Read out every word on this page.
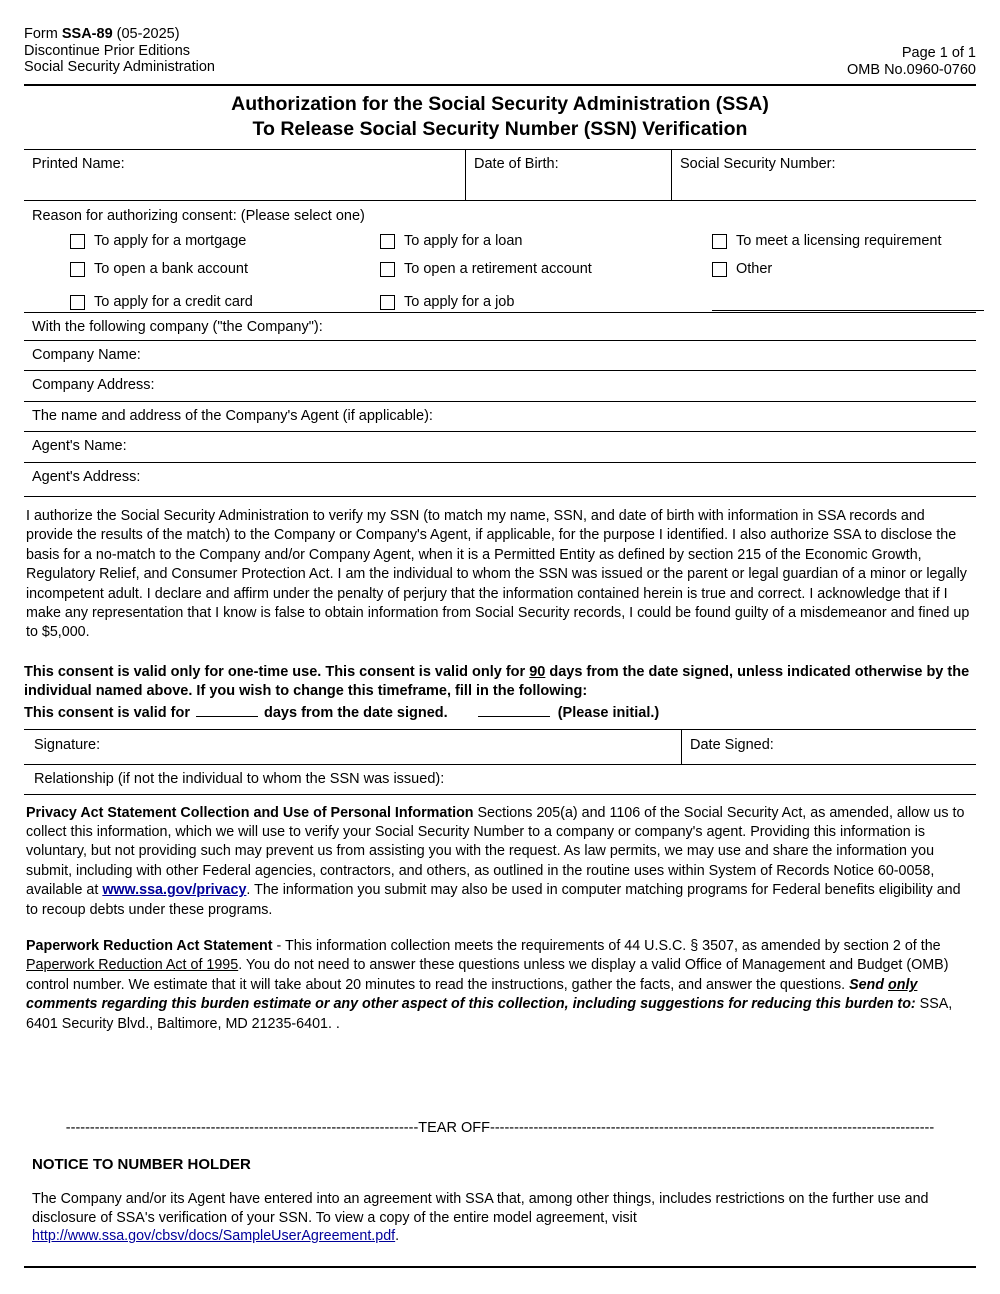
Form SSA-89 (05-2025)
Discontinue Prior Editions
Social Security Administration
Page 1 of 1
OMB No.0960-0760
Authorization for the Social Security Administration (SSA)
To Release Social Security Number (SSN) Verification
Printed Name:	Date of Birth:	Social Security Number:
Reason for authorizing consent: (Please select one)
To apply for a mortgage
To open a bank account
To apply for a credit card
To apply for a loan
To open a retirement account
To apply for a job
To meet a licensing requirement
Other
With the following company ("the Company"):
Company Name:
Company Address:
The name and address of the Company's Agent (if applicable):
Agent's Name:
Agent's Address:
I authorize the Social Security Administration to verify my SSN (to match my name, SSN, and date of birth with information in SSA records and provide the results of the match) to the Company or Company's Agent, if applicable, for the purpose I identified. I also authorize SSA to disclose the basis for a no-match to the Company and/or Company Agent, when it is a Permitted Entity as defined by section 215 of the Economic Growth, Regulatory Relief, and Consumer Protection Act. I am the individual to whom the SSN was issued or the parent or legal guardian of a minor or legally incompetent adult. I declare and affirm under the penalty of perjury that the information contained herein is true and correct. I acknowledge that if I make any representation that I know is false to obtain information from Social Security records, I could be found guilty of a misdemeanor and fined up to $5,000.
This consent is valid only for one-time use. This consent is valid only for 90 days from the date signed, unless indicated otherwise by the individual named above. If you wish to change this timeframe, fill in the following:
This consent is valid for	days from the date signed.	(Please initial.)
Signature:	Date Signed:
Relationship (if not the individual to whom the SSN was issued):
Privacy Act Statement Collection and Use of Personal Information Sections 205(a) and 1106 of the Social Security Act, as amended, allow us to collect this information, which we will use to verify your Social Security Number to a company or company's agent. Providing this information is voluntary, but not providing such may prevent us from assisting you with the request. As law permits, we may use and share the information you submit, including with other Federal agencies, contractors, and others, as outlined in the routine uses within System of Records Notice 60-0058, available at www.ssa.gov/privacy. The information you submit may also be used in computer matching programs for Federal benefits eligibility and to recoup debts under these programs.
Paperwork Reduction Act Statement - This information collection meets the requirements of 44 U.S.C. § 3507, as amended by section 2 of the Paperwork Reduction Act of 1995. You do not need to answer these questions unless we display a valid Office of Management and Budget (OMB) control number. We estimate that it will take about 20 minutes to read the instructions, gather the facts, and answer the questions. Send only comments regarding this burden estimate or any other aspect of this collection, including suggestions for reducing this burden to: SSA, 6401 Security Blvd., Baltimore, MD 21235-6401. .
-------------------------------------------------------------------------TEAR OFF--------------------------------------------------------------------------------------------
NOTICE TO NUMBER HOLDER
The Company and/or its Agent have entered into an agreement with SSA that, among other things, includes restrictions on the further use and disclosure of SSA's verification of your SSN. To view a copy of the entire model agreement, visit http://www.ssa.gov/cbsv/docs/SampleUserAgreement.pdf.
